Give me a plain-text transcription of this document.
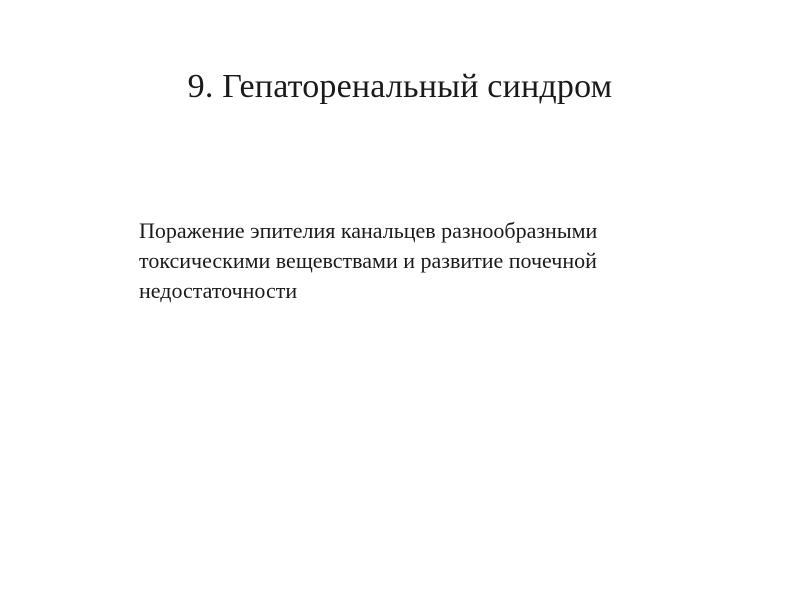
9. Гепаторенальный синдром
Поражение эпителия канальцев разнообразными
токсическими вещевствами и развитие почечной
недостаточности
